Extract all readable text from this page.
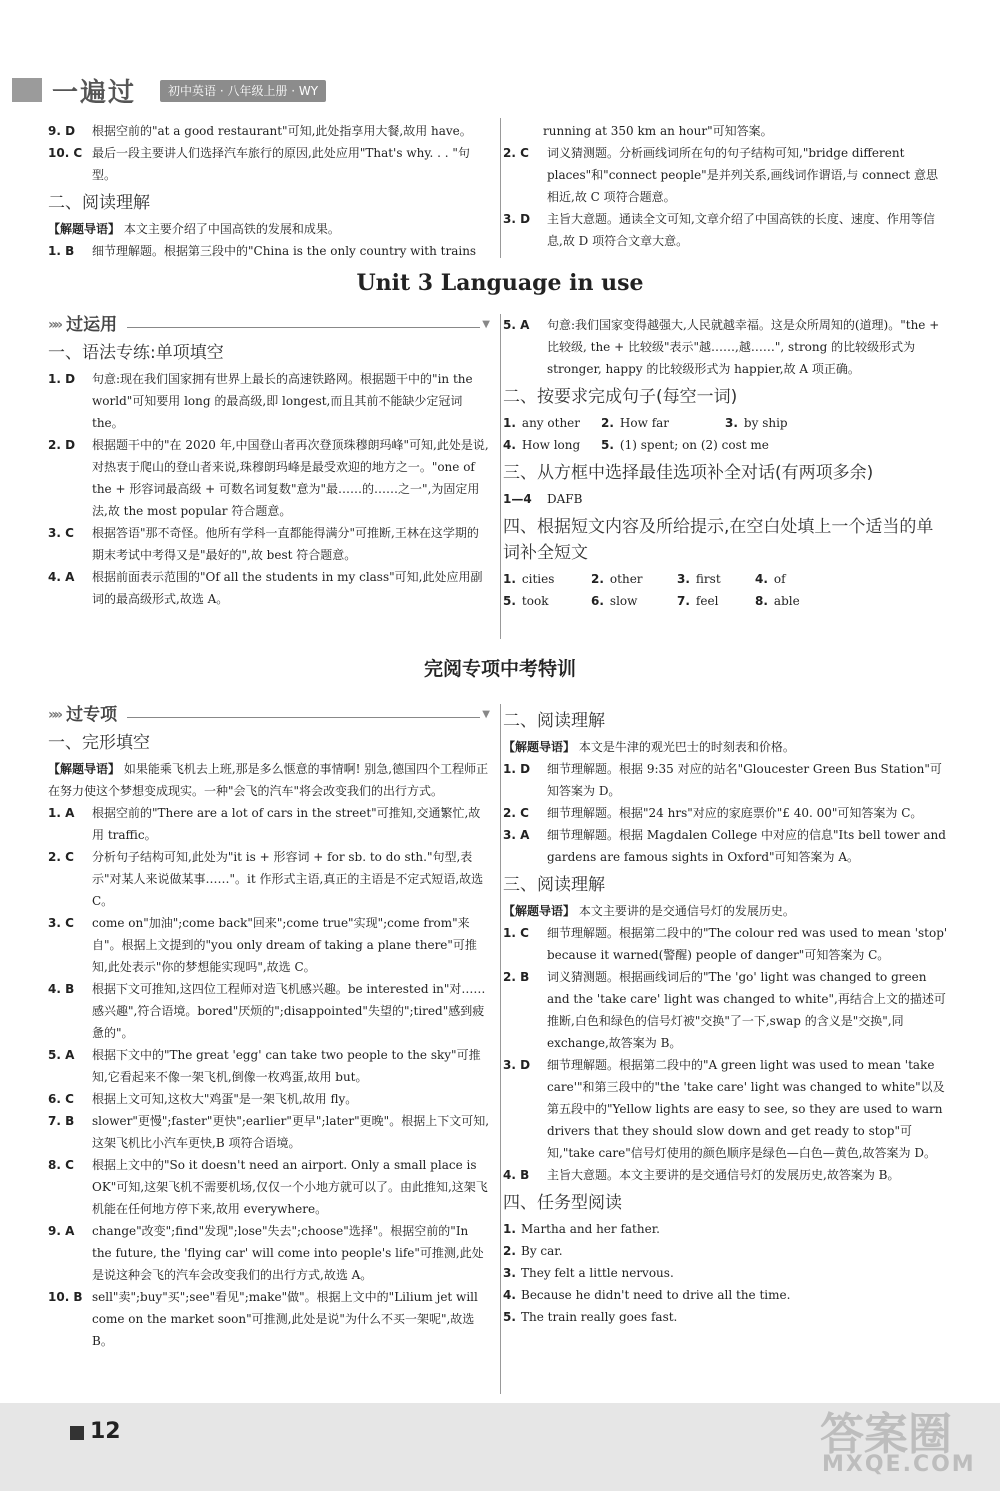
一遍过	初中英语 · 八年级上册 · WY
9. D	根据空前的"at a good restaurant"可知,此处指享用大餐,故用 have。
10. C 最后一段主要讲人们选择汽车旅行的原因,此处应用"That's why. . . "句型。
二、阅读理解
【解题导语】 本文主要介绍了中国高铁的发展和成果。
1. B	细节理解题。根据第三段中的"China is the only country with trains
running at 350 km an hour"可知答案。
2. C	词义猜测题。分析画线词所在句的句子结构可知,"bridge different places"和"connect people"是并列关系,画线词作谓语,与 connect 意思相近,故 C 项符合题意。
3. D	主旨大意题。通读全文可知,文章介绍了中国高铁的长度、速度、作用等信息,故 D 项符合文章大意。
Unit 3 Language in use
»» 过运用	▼
一、语法专练:单项填空
1. D	句意:现在我们国家拥有世界上最长的高速铁路网。根据题干中的"in the world"可知要用 long 的最高级,即 longest,而且其前不能缺少定冠词 the。
2. D	根据题干中的"在 2020 年,中国登山者再次登顶珠穆朗玛峰"可知,此处是说,对热衷于爬山的登山者来说,珠穆朗玛峰是最受欢迎的地方之一。"one of the + 形容词最高级 + 可数名词复数"意为"最……的……之一",为固定用法,故 the most popular 符合题意。
3. C	根据答语"那不奇怪。他所有学科一直都能得满分"可推断,王林在这学期的期末考试中考得又是"最好的",故 best 符合题意。
4. A	根据前面表示范围的"Of all the students in my class"可知,此处应用副词的最高级形式,故选 A。
5. A	句意:我们国家变得越强大,人民就越幸福。这是众所周知的(道理)。"the + 比较级, the + 比较级"表示"越……,越……", strong 的比较级形式为 stronger, happy 的比较级形式为 happier,故 A 项正确。
二、按要求完成句子(每空一词)
1. any other 2. How far	3. by ship
4. How long 5. (1) spent; on (2) cost me
三、从方框中选择最佳选项补全对话(有两项多余)
1—4	DAFB
四、根据短文内容及所给提示,在空白处填上一个适当的单词补全短文
1. cities	2. other	3. first	4. of
5. took	6. slow	7. feel	8. able
完阅专项中考特训
»» 过专项	▼
一、完形填空
【解题导语】 如果能乘飞机去上班,那是多么惬意的事情啊! 别急,德国四个工程师正在努力使这个梦想变成现实。一种"会飞的汽车"将会改变我们的出行方式。
1. A	根据空前的"There are a lot of cars in the street"可推知,交通繁忙,故用 traffic。
2. C	分析句子结构可知,此处为"it is + 形容词 + for sb. to do sth."句型,表示"对某人来说做某事……"。it 作形式主语,真正的主语是不定式短语,故选 C。
3. C	come on"加油";come back"回来";come true"实现";come from"来自"。根据上文提到的"you only dream of taking a plane there"可推知,此处表示"你的梦想能实现吗",故选 C。
4. B	根据下文可推知,这四位工程师对造飞机感兴趣。be interested in"对……感兴趣",符合语境。bored"厌烦的";disappointed"失望的";tired"感到疲惫的"。
5. A	根据下文中的"The great 'egg' can take two people to the sky"可推知,它看起来不像一架飞机,倒像一枚鸡蛋,故用 but。
6. C	根据上文可知,这枚大"鸡蛋"是一架飞机,故用 fly。
7. B	slower"更慢";faster"更快";earlier"更早";later"更晚"。根据上下文可知,这架飞机比小汽车更快,B 项符合语境。
8. C	根据上文中的"So it doesn't need an airport. Only a small place is OK"可知,这架飞机不需要机场,仅仅一个小地方就可以了。由此推知,这架飞机能在任何地方停下来,故用 everywhere。
9. A	change"改变";find"发现";lose"失去";choose"选择"。根据空前的"In the future, the 'flying car' will come into people's life"可推测,此处是说这种会飞的汽车会改变我们的出行方式,故选 A。
10. B sell"卖";buy"买";see"看见";make"做"。根据上文中的"Lilium jet will come on the market soon"可推测,此处是说"为什么不买一架呢",故选 B。
二、阅读理解
【解题导语】 本文是牛津的观光巴士的时刻表和价格。
1. D	细节理解题。根据 9:35 对应的站名"Gloucester Green Bus Station"可知答案为 D。
2. C	细节理解题。根据"24 hrs"对应的家庭票价"£ 40. 00"可知答案为 C。
3. A	细节理解题。根据 Magdalen College 中对应的信息"Its bell tower and gardens are famous sights in Oxford"可知答案为 A。
三、阅读理解
【解题导语】 本文主要讲的是交通信号灯的发展历史。
1. C	细节理解题。根据第二段中的"The colour red was used to mean 'stop' because it warned(警醒) people of danger"可知答案为 C。
2. B	词义猜测题。根据画线词后的"The 'go' light was changed to green and the 'take care' light was changed to white",再结合上文的描述可推断,白色和绿色的信号灯被"交换"了一下,swap 的含义是"交换",同 exchange,故答案为 B。
3. D	细节理解题。根据第二段中的"A green light was used to mean 'take care'"和第三段中的"the 'take care' light was changed to white"以及第五段中的"Yellow lights are easy to see, so they are used to warn drivers that they should slow down and get ready to stop"可知,"take care"信号灯使用的颜色顺序是绿色—白色—黄色,故答案为 D。
4. B	主旨大意题。本文主要讲的是交通信号灯的发展历史,故答案为 B。
四、任务型阅读
1. Martha and her father.
2. By car.
3. They felt a little nervous.
4. Because he didn't need to drive all the time.
5. The train really goes fast.
12	答案圈
MXQE.COM
